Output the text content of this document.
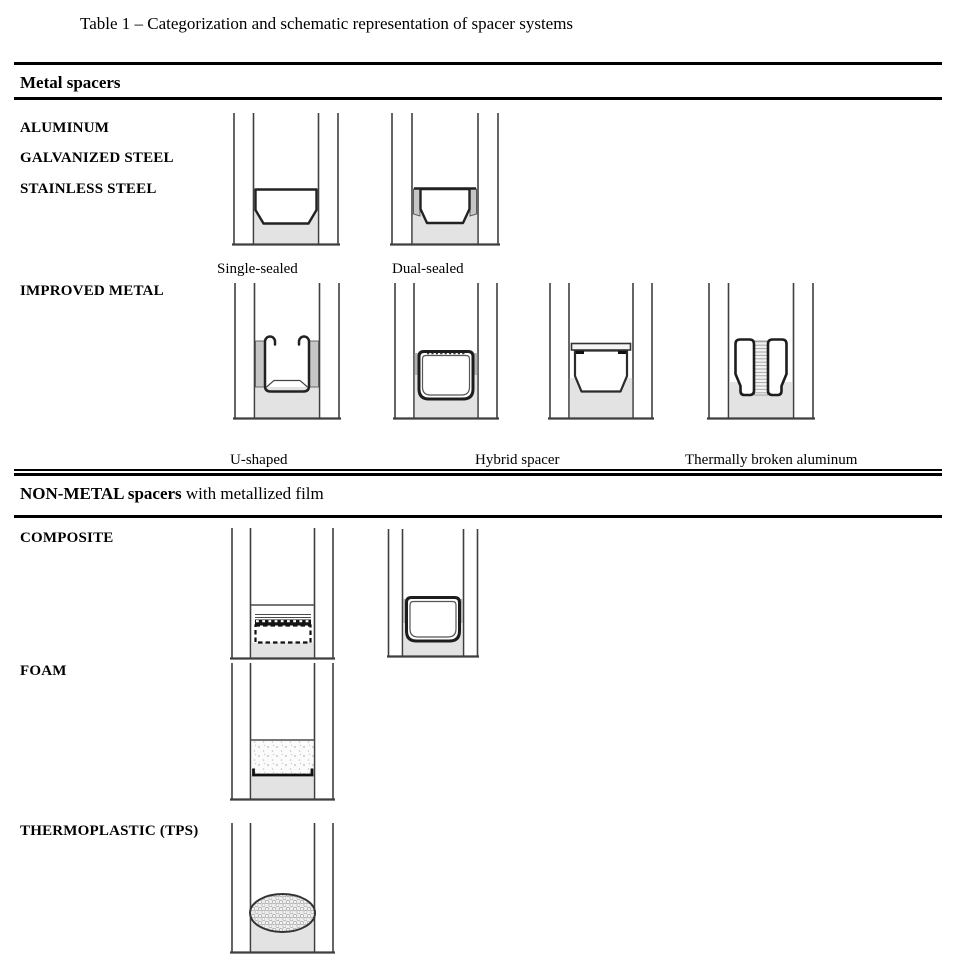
Table 1 – Categorization and schematic representation of spacer systems
Metal spacers
ALUMINUM
GALVANIZED STEEL
STAINLESS STEEL
Single-sealed	Dual-sealed
IMPROVED METAL
U-shaped	Hybrid spacer	Thermally broken aluminum
NON-METAL spacers with metallized film
COMPOSITE
FOAM
THERMOPLASTIC (TPS)
